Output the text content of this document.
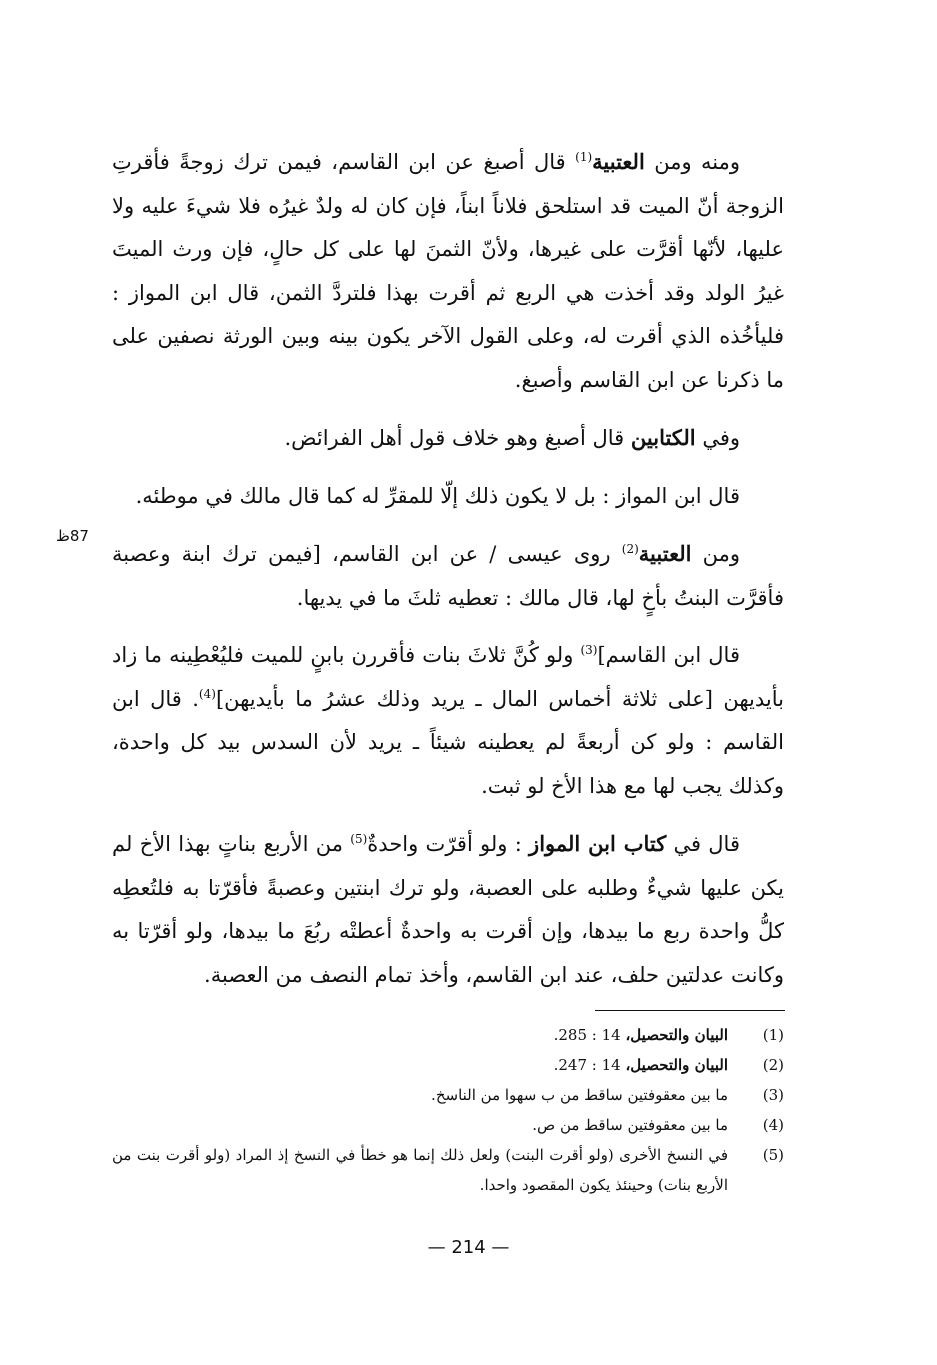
ومنه ومن العتبية$^{(1)}$ قال أصبغ عن ابن القاسم، فيمن ترك زوجةً فأقرتِ الزوجة أنّ الميت قد استلحق فلاناً ابناً، فإن كان له ولدٌ غيرُه فلا شيءَ عليه ولا عليها، لأنّها أقرَّت على غيرها، ولأنّ الثمنَ لها على كل حالٍ، فإن ورث الميتَ غيرُ الولد وقد أخذت هي الربع ثم أقرت بهذا فلتردَّ الثمن، قال ابن المواز : فليأخُذه الذي أقرت له، وعلى القول الآخر يكون بينه وبين الورثة نصفين على ما ذكرنا عن ابن القاسم وأصبغ.

وفي الكتابين قال أصبغ وهو خلاف قول أهل الفرائض.

قال ابن المواز : بل لا يكون ذلك إلّا للمقرِّ له كما قال مالك في موطئه.

ومن العتبية$^{(2)}$ روى عيسى / عن ابن القاسم، [فيمن ترك ابنة وعصبة فأقرَّت البنتُ بأخٍ لها، قال مالك : تعطيه ثلثَ ما في يديها.

قال ابن القاسم]$^{(3)}$ ولو كُنَّ ثلاثَ بنات فأقررن بابنٍ للميت فليُعْطِينه ما زاد بأيديهن [على ثلاثة أخماس المال ـ يريد وذلك عشرُ ما بأيديهن]$^{(4)}$. قال ابن القاسم : ولو كن أربعةً لم يعطينه شيئاً ـ يريد لأن السدس بيد كل واحدة، وكذلك يجب لها مع هذا الأخ لو ثبت.

قال في كتاب ابن المواز : ولو أقرّت واحدةٌ$^{(5)}$ من الأربع بناتٍ بهذا الأخ لم يكن عليها شيءٌ وطلبه على العصبة، ولو ترك ابنتين وعصبةً فأقرّتا به فلتُعطِه كلُّ واحدة ربع ما بيدها، وإن أقرت به واحدةٌ أعطتْه ربُعَ ما بيدها، ولو أقرّتا به وكانت عدلتين حلف، عند ابن القاسم، وأخذ تمام النصف من العصبة.

87ظ
(1)
البيان والتحصيل، 14 : 285.
(2)
البيان والتحصيل، 14 : 247.
(3)
ما بين معقوفتين ساقط من ب سهوا من الناسخ.
(4)
ما بين معقوفتين ساقط من ص.
(5)
في النسخ الأخرى (ولو أقرت البنت) ولعل ذلك إنما هو خطأ في النسخ إذ المراد (ولو أقرت بنت من الأربع بنات) وحينئذ يكون المقصود واحدا.
— 214 —
